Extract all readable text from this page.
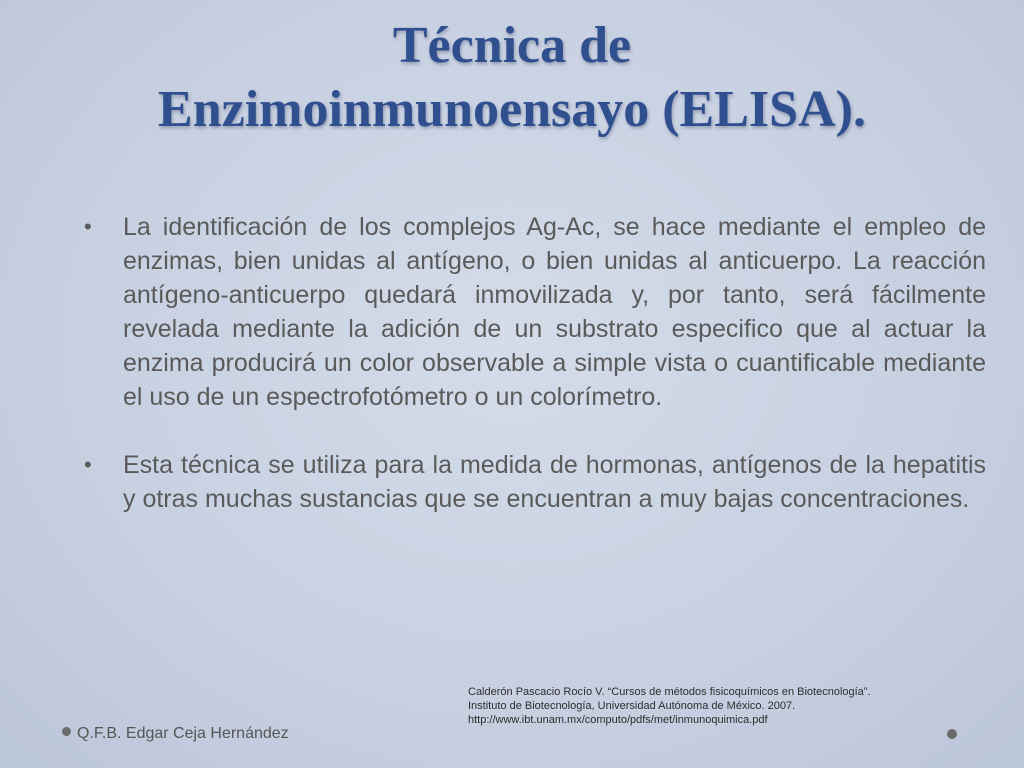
Técnica de
Enzimoinmunoensayo (ELISA).
• La identificación de los complejos Ag-Ac, se hace mediante el empleo de enzimas, bien unidas al antígeno, o bien unidas al anticuerpo. La reacción antígeno-anticuerpo quedará inmovilizada y, por tanto, será fácilmente revelada mediante la adición de un substrato especifico que al actuar la enzima producirá un color observable a simple vista o cuantificable mediante el uso de un espectrofotómetro o un colorímetro.
• Esta técnica se utiliza para la medida de hormonas, antígenos de la hepatitis y otras muchas sustancias que se encuentran a muy bajas concentraciones.
Calderón Pascacio Rocío V. “Cursos de métodos fisicoquímicos en Biotecnología”.
Instituto de Biotecnología, Universidad Autónoma de México. 2007.
http://www.ibt.unam.mx/computo/pdfs/met/inmunoquimica.pdf
Q.F.B. Edgar Ceja Hernández
